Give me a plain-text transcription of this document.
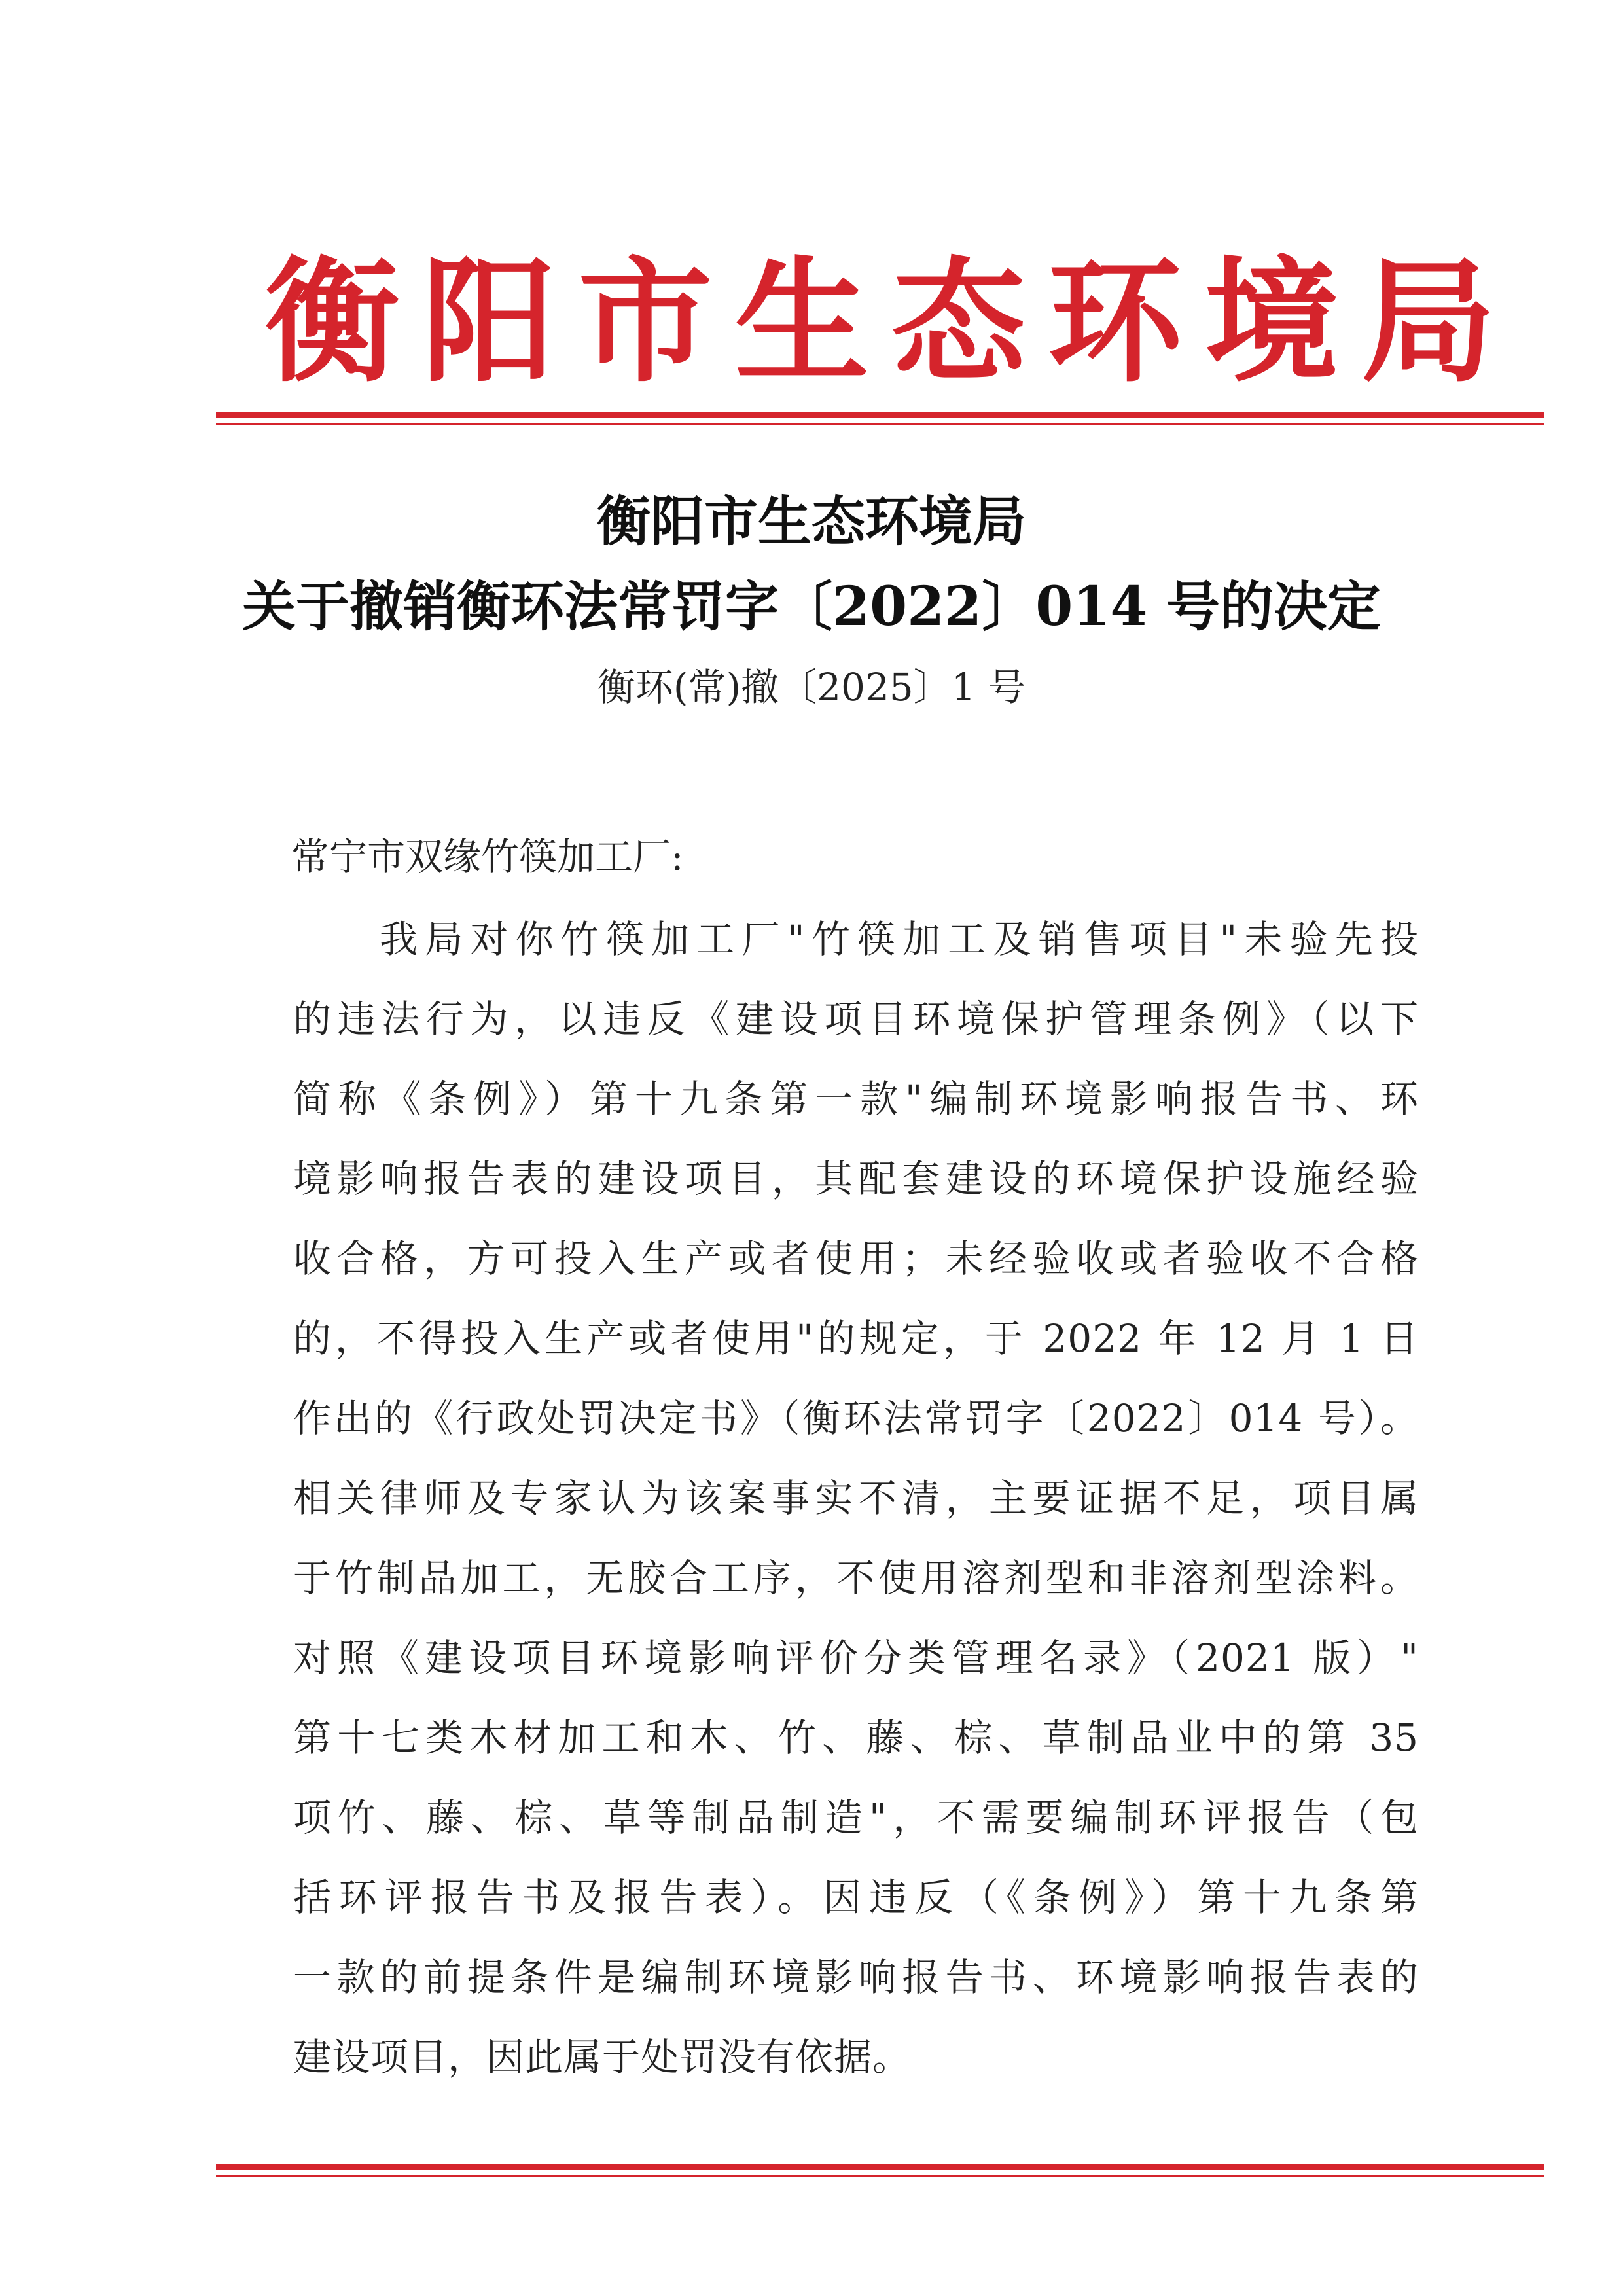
衡 阳 市 生 态 环 境 局
衡阳市生态环境局
关于撤销衡环法常罚字〔2022〕014 号的决定
衡环(常)撤〔2025〕1 号
常宁市双缘竹筷加工厂:
我局对你竹筷加工厂"竹筷加工及销售项目"未验先投
的违法行为，以违反《建设项目环境保护管理条例》（以下
简称《条例》）第十九条第一款"编制环境影响报告书、环
境影响报告表的建设项目，其配套建设的环境保护设施经验
收合格，方可投入生产或者使用；未经验收或者验收不合格
的，不得投入生产或者使用"的规定，于 2022 年 12 月 1 日
作出的《行政处罚决定书》（衡环法常罚字〔2022〕014 号）。
相关律师及专家认为该案事实不清，主要证据不足，项目属
于竹制品加工，无胶合工序，不使用溶剂型和非溶剂型涂料。
对照《建设项目环境影响评价分类管理名录》（2021 版）"
第十七类木材加工和木、竹、藤、棕、草制品业中的第 35
项竹、藤、棕、草等制品制造"，不需要编制环评报告（包
括环评报告书及报告表）。因违反（《条例》）第十九条第
一款的前提条件是编制环境影响报告书、环境影响报告表的
建设项目，因此属于处罚没有依据。
